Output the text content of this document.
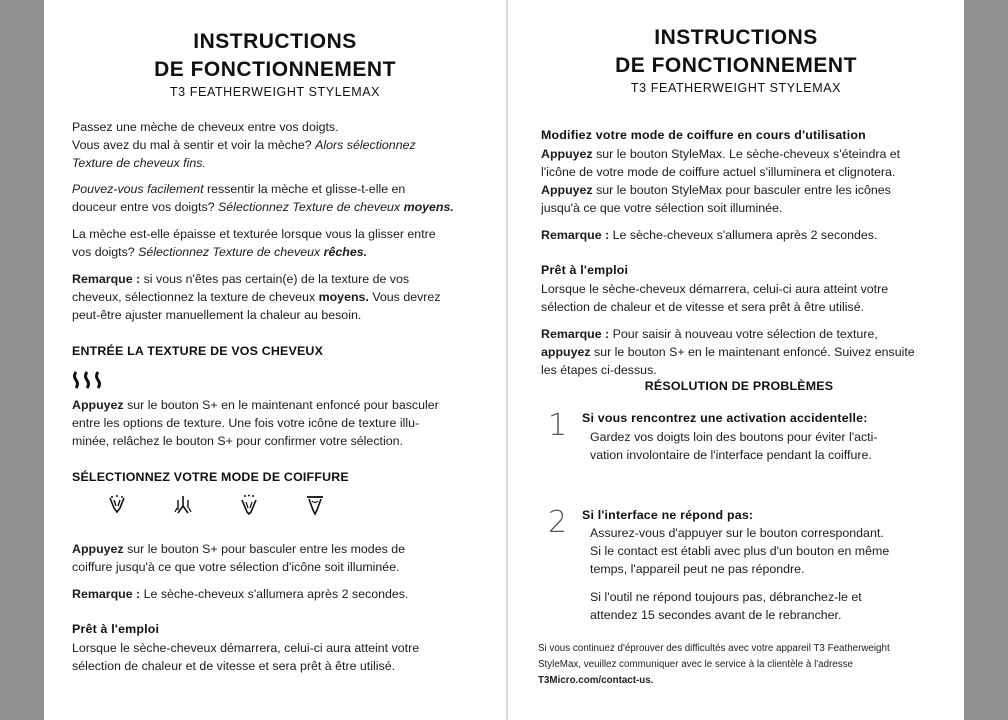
INSTRUCTIONS
DE FONCTIONNEMENT
T3 FEATHERWEIGHT STYLEMAX
Passez une mèche de cheveux entre vos doigts.
Vous avez du mal à sentir et voir la mèche? Alors sélectionnez
Texture de cheveux fins.
Pouvez-vous facilement ressentir la mèche et glisse-t-elle en
douceur entre vos doigts? Sélectionnez Texture de cheveux moyens.
La mèche est-elle épaisse et texturée lorsque vous la glisser entre
vos doigts? Sélectionnez Texture de cheveux rêches.
Remarque : si vous n'êtes pas certain(e) de la texture de vos
cheveux, sélectionnez la texture de cheveux moyens. Vous devrez
peut-être ajuster manuellement la chaleur au besoin.
ENTRÉE LA TEXTURE DE VOS CHEVEUX
Appuyez sur le bouton S+ en le maintenant enfoncé pour basculer
entre les options de texture. Une fois votre icône de texture illu-
minée, relâchez le bouton S+ pour confirmer votre sélection.
SÉLECTIONNEZ VOTRE MODE DE COIFFURE
Appuyez sur le bouton S+ pour basculer entre les modes de
coiffure jusqu'à ce que votre sélection d'icône soit illuminée.
Remarque : Le sèche-cheveux s'allumera après 2 secondes.
Prêt à l'emploi
Lorsque le sèche-cheveux démarrera, celui-ci aura atteint votre
sélection de chaleur et de vitesse et sera prêt à être utilisé.
INSTRUCTIONS
DE FONCTIONNEMENT
T3 FEATHERWEIGHT STYLEMAX
Modifiez votre mode de coiffure en cours d'utilisation
Appuyez sur le bouton StyleMax. Le sèche-cheveux s'éteindra et
l'icône de votre mode de coiffure actuel s'illuminera et clignotera.
Appuyez sur le bouton StyleMax pour basculer entre les icônes
jusqu'à ce que votre sélection soit illuminée.
Remarque : Le sèche-cheveux s'allumera après 2 secondes.
Prêt à l'emploi
Lorsque le sèche-cheveux démarrera, celui-ci aura atteint votre
sélection de chaleur et de vitesse et sera prêt à être utilisé.
Remarque : Pour saisir à nouveau votre sélection de texture,
appuyez sur le bouton S+ en le maintenant enfoncé. Suivez ensuite
les étapes ci-dessus.
RÉSOLUTION DE PROBLÈMES
1 Si vous rencontrez une activation accidentelle:
Gardez vos doigts loin des boutons pour éviter l'acti-
vation involontaire de l'interface pendant la coiffure.
2 Si l'interface ne répond pas:
Assurez-vous d'appuyer sur le bouton correspondant.
Si le contact est établi avec plus d'un bouton en même
temps, l'appareil peut ne pas répondre.
Si l'outil ne répond toujours pas, débranchez-le et
attendez 15 secondes avant de le rebrancher.
Si vous continuez d'éprouver des difficultés avec votre appareil T3 Featherweight
StyleMax, veuillez communiquer avec le service à la clientèle à l'adresse
T3Micro.com/contact-us.
